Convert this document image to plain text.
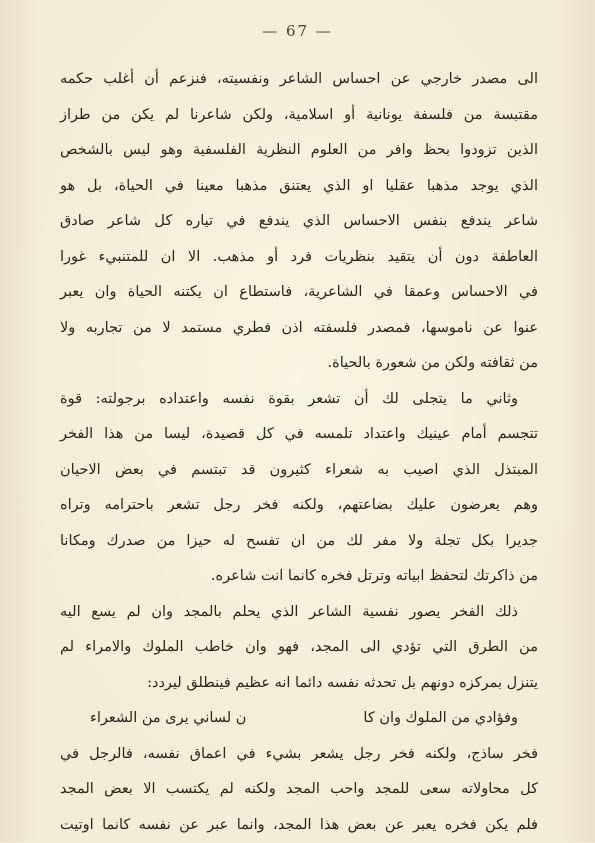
— 67 —

الى مصدر خارجي عن احساس الشاعر ونفسيته، فنزعم أن أغلب حكمه
مقتبسة من فلسفة يونانية أو اسلامية، ولكن شاعرنا لم يكن من طراز
الذين تزودوا بحظ وافر من العلوم النظرية الفلسفية وهو ليس بالشخص
الذي يوجد مذهبا عقليا او الذي يعتنق مذهبا معينا في الحياة، بل هو
شاعر يندفع بنفس الاحساس الذي يندفع في تياره كل شاعر صادق
العاطفة دون أن يتقيد بنظريات فرد أو مذهب. الا ان للمتنبيء غورا
في الاحساس وعمقا في الشاعرية، فاستطاع ان يكتنه الحياة وان يعبر
عنوا عن ناموسها، فمصدر فلسفته اذن فطري مستمد لا من تجاربه ولا
من ثقافته ولكن من شعورة بالحياة.

وثاني ما يتجلى لك أن تشعر بقوة نفسه واعتداده برجولته: قوة
تتجسم أمام عينيك واعتداد تلمسه في كل قصيدة، ليسا من هذا الفخر
المبتذل الذي اصيب به شعراء كثيرون قد تبتسم في بعض الاحيان
وهم يعرضون عليك بضاعتهم، ولكنه فخر رجل تشعر باحترامه وتراه
جديرا بكل تجلة ولا مفر لك من ان تفسح له حيزا من صدرك ومكانا
من ذاكرتك لتحفظ ابياته وترتل فخره كانما انت شاعره.

ذلك الفخر يصور نفسية الشاعر الذي يحلم بالمجد وان لم يسع اليه
من الطرق التي تؤدي الى المجد، فهو وان خاطب الملوك والامراء لم
يتنزل بمركزه دونهم بل تحدثه نفسه دائما انه عظيم فينطلق ليردد:

وفؤادي من الملوك وان كا
ن لساني يرى من الشعراء

فخر ساذج، ولكنه فخر رجل يشعر بشيء في اعماق نفسه، فالرجل في
كل محاولاته سعى للمجد واحب المجد ولكنه لم يكتسب الا بعض المجد
فلم يكن فخره يعبر عن بعض هذا المجد، وانما عبر عن نفسه كانما اوتيت
